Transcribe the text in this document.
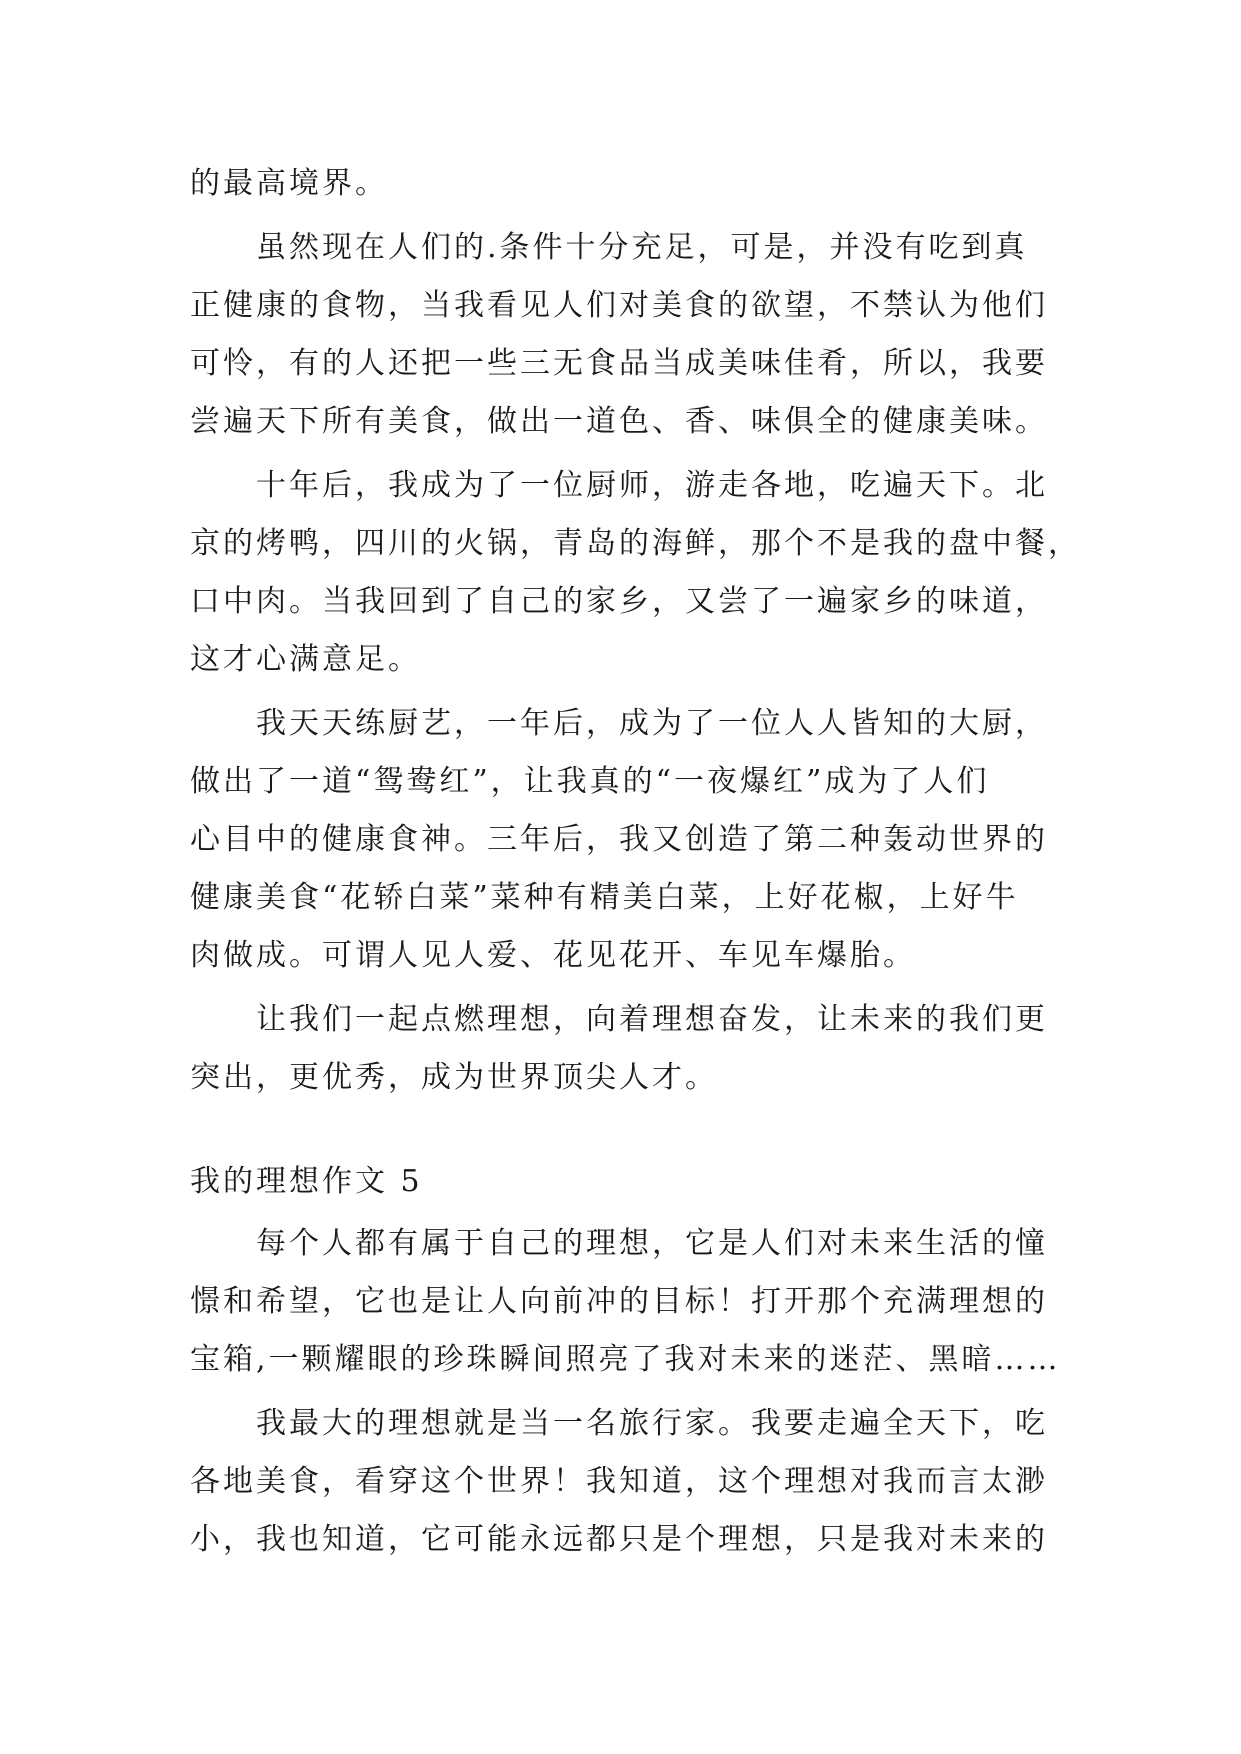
的最高境界。
虽然现在人们的.条件十分充足，可是，并没有吃到真
正健康的食物，当我看见人们对美食的欲望，不禁认为他们
可怜，有的人还把一些三无食品当成美味佳肴，所以，我要
尝遍天下所有美食，做出一道色、香、味俱全的健康美味。
十年后，我成为了一位厨师，游走各地，吃遍天下。北
京的烤鸭，四川的火锅，青岛的海鲜，那个不是我的盘中餐，
口中肉。当我回到了自己的家乡，又尝了一遍家乡的味道，
这才心满意足。
我天天练厨艺，一年后，成为了一位人人皆知的大厨，
做出了一道“鸳鸯红”，让我真的“一夜爆红”成为了人们
心目中的健康食神。三年后，我又创造了第二种轰动世界的
健康美食“花轿白菜”菜种有精美白菜，上好花椒，上好牛
肉做成。可谓人见人爱、花见花开、车见车爆胎。
让我们一起点燃理想，向着理想奋发，让未来的我们更
突出，更优秀，成为世界顶尖人才。
我的理想作文 5
每个人都有属于自己的理想，它是人们对未来生活的憧
憬和希望，它也是让人向前冲的目标！打开那个充满理想的
宝箱,一颗耀眼的珍珠瞬间照亮了我对未来的迷茫、黑暗……
我最大的理想就是当一名旅行家。我要走遍全天下，吃
各地美食，看穿这个世界！我知道，这个理想对我而言太渺
小，我也知道，它可能永远都只是个理想，只是我对未来的
